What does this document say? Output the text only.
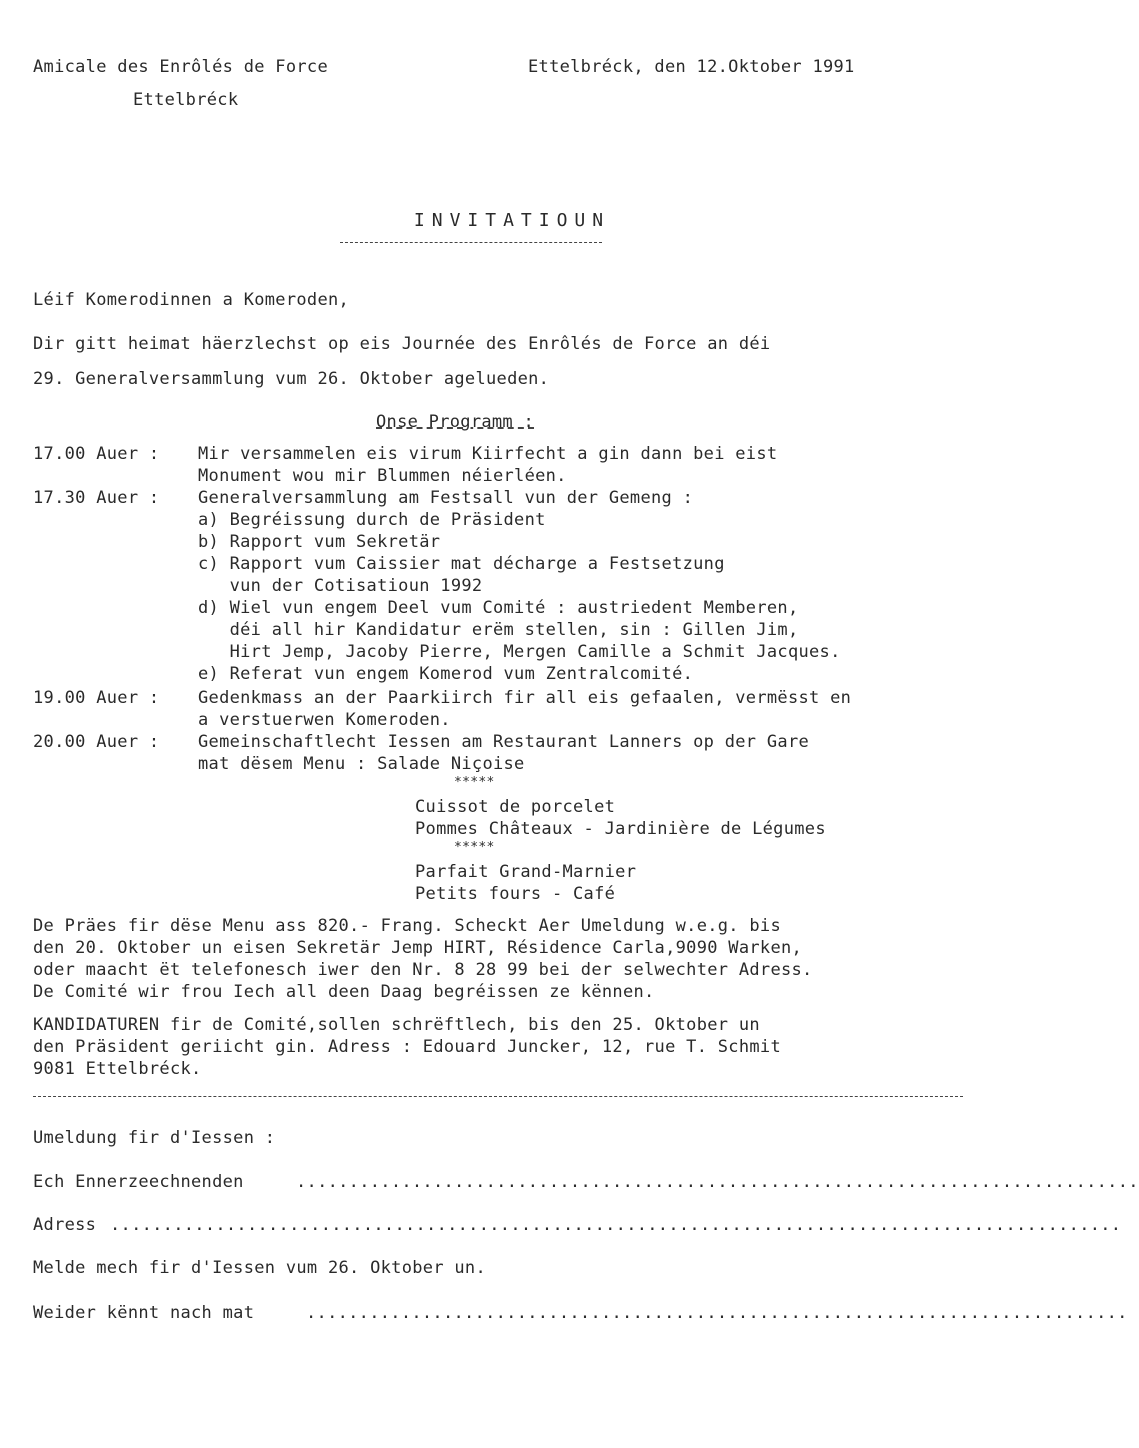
Amicale des Enrôlés de Force
Ettelbréck
Ettelbréck, den 12.Oktober 1991
INVITATIOUN
Léif Komerodinnen a Komeroden,
Dir gitt heimat häerzlechst op eis Journée des Enrôlés de Force an déi
29. Generalversammlung vum 26. Oktober agelueden.
Onse Programm :
17.00 Auer : Mir versammelen eis virum Kiirfecht a gin dann bei eist
Monument wou mir Blummen néierléen.
17.30 Auer : Generalversammlung am Festsall vun der Gemeng :
a) Begréissung durch de Präsident
b) Rapport vum Sekretär
c) Rapport vum Caissier mat décharge a Festsetzung
vun der Cotisatioun 1992
d) Wiel vun engem Deel vum Comité : austriedent Memberen,
déi all hir Kandidatur erëm stellen, sin : Gillen Jim,
Hirt Jemp, Jacoby Pierre, Mergen Camille a Schmit Jacques.
e) Referat vun engem Komerod vum Zentralcomité.
19.00 Auer : Gedenkmass an der Paarkiirch fir all eis gefaalen, vermësst en
a verstuerwen Komeroden.
20.00 Auer : Gemeinschaftlecht Iessen am Restaurant Lanners op der Gare
mat dësem Menu : Salade Niçoise
*****
Cuissot de porcelet
Pommes Châteaux - Jardinière de Légumes
*****
Parfait Grand-Marnier
Petits fours - Café
De Präes fir dëse Menu ass 820.- Frang. Scheckt Aer Umeldung w.e.g. bis
den 20. Oktober un eisen Sekretär Jemp HIRT, Résidence Carla,9090 Warken,
oder maacht ët telefonesch iwer den Nr. 8 28 99 bei der selwechter Adress.
De Comité wir frou Iech all deen Daag begréissen ze kënnen.
KANDIDATUREN fir de Comité,sollen schrëftlech, bis den 25. Oktober un
den Präsident geriicht gin. Adress : Edouard Juncker, 12, rue T. Schmit
9081 Ettelbréck.
Umeldung fir d'Iessen :
Ech Ennerzeechnenden	................................................................................
Adress ................................................................................................
Melde mech fir d'Iessen vum 26. Oktober un.
Weider kënnt nach mat	..............................................................................
